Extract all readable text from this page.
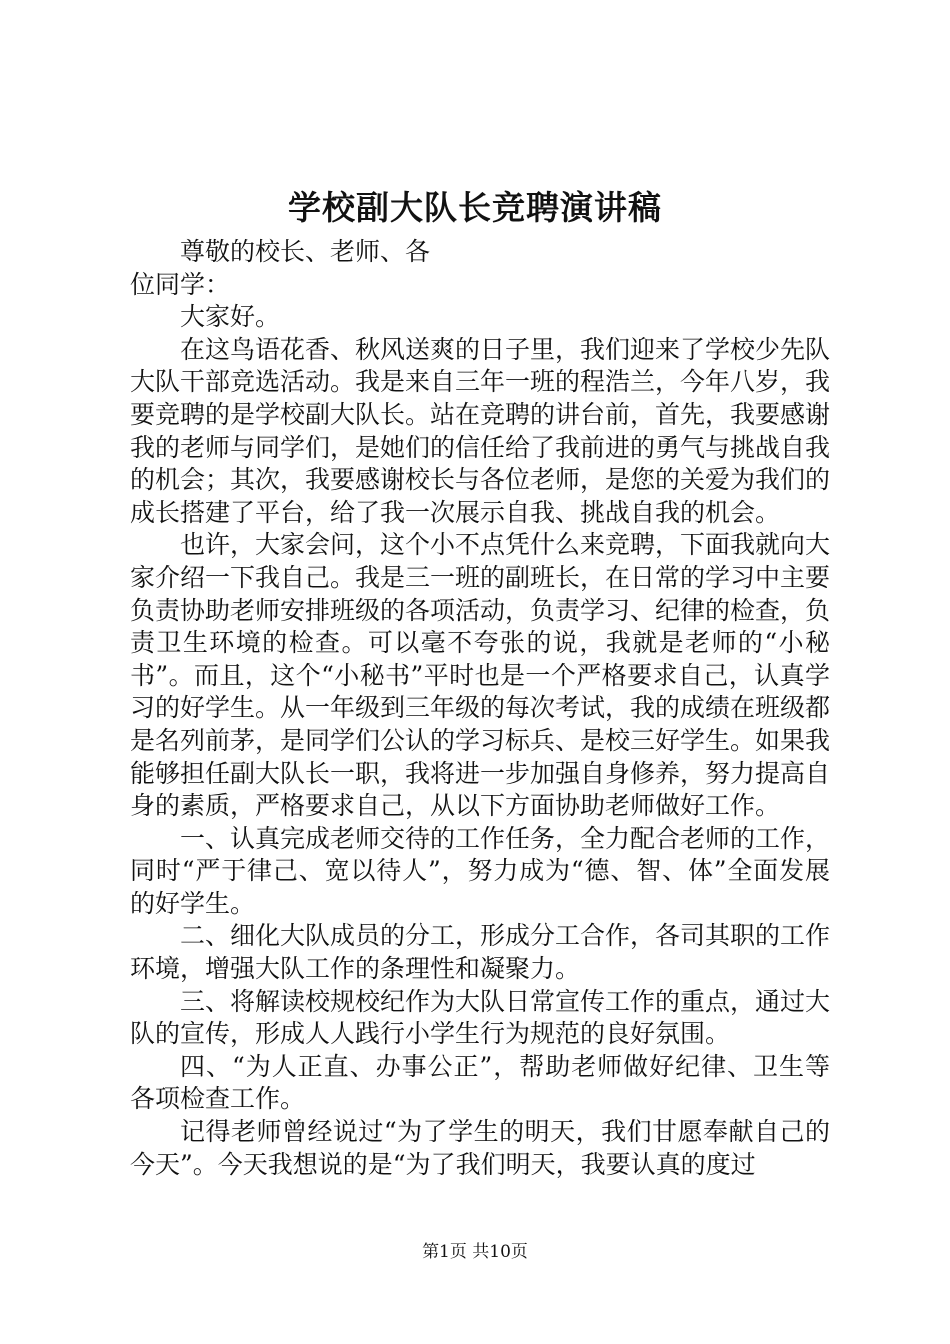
学校副大队长竞聘演讲稿

尊敬的校长、老师、各位同学：

大家好。

在这鸟语花香、秋风送爽的日子里，我们迎来了学校少先队大队干部竞选活动。我是来自三年一班的程浩兰，今年八岁，我要竞聘的是学校副大队长。站在竞聘的讲台前，首先，我要感谢我的老师与同学们，是她们的信任给了我前进的勇气与挑战自我的机会；其次，我要感谢校长与各位老师，是您的关爱为我们的成长搭建了平台，给了我一次展示自我、挑战自我的机会。

也许，大家会问，这个小不点凭什么来竞聘，下面我就向大家介绍一下我自己。我是三一班的副班长，在日常的学习中主要负责协助老师安排班级的各项活动，负责学习、纪律的检查，负责卫生环境的检查。可以毫不夸张的说，我就是老师的“小秘书”。而且，这个“小秘书”平时也是一个严格要求自己，认真学习的好学生。从一年级到三年级的每次考试，我的成绩在班级都是名列前茅，是同学们公认的学习标兵、是校三好学生。如果我能够担任副大队长一职，我将进一步加强自身修养，努力提高自身的素质，严格要求自己，从以下方面协助老师做好工作。

一、认真完成老师交待的工作任务，全力配合老师的工作，同时“严于律己、宽以待人”，努力成为“德、智、体”全面发展的好学生。

二、细化大队成员的分工，形成分工合作，各司其职的工作环境，增强大队工作的条理性和凝聚力。

三、将解读校规校纪作为大队日常宣传工作的重点，通过大队的宣传，形成人人践行小学生行为规范的良好氛围。

四、“为人正直、办事公正”，帮助老师做好纪律、卫生等各项检查工作。

记得老师曾经说过“为了学生的明天，我们甘愿奉献自己的今天”。今天我想说的是“为了我们明天，我要认真的度过

第1页 共10页
